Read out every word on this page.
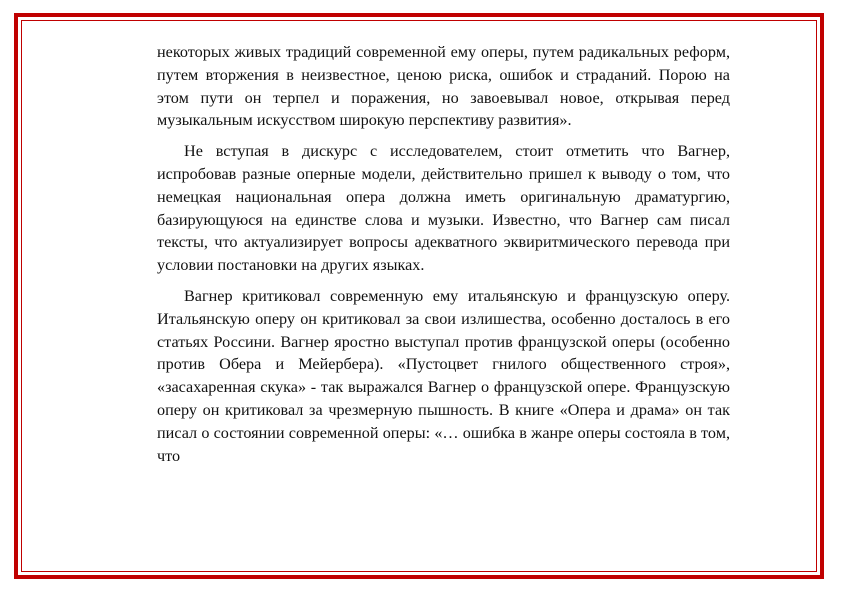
некоторых живых традиций современной ему оперы, путем радикальных реформ, путем вторжения в неизвестное, ценою риска, ошибок и страданий. Порою на этом пути он терпел и поражения, но завоевывал новое, открывая перед музыкальным искусством широкую перспективу развития».

Не вступая в дискурс с исследователем, стоит отметить что Вагнер, испробовав разные оперные модели, действительно пришел к выводу о том, что немецкая национальная опера должна иметь оригинальную драматургию, базирующуюся на единстве слова и музыки. Известно, что Вагнер сам писал тексты, что актуализирует вопросы адекватного эквиритмического перевода при условии постановки на других языках.

Вагнер критиковал современную ему итальянскую и французскую оперу. Итальянскую оперу он критиковал за свои излишества, особенно досталось в его статьях Россини. Вагнер яростно выступал против французской оперы (особенно против Обера и Мейербера). «Пустоцвет гнилого общественного строя», «засахаренная скука» - так выражался Вагнер о французской опере. Французскую оперу он критиковал за чрезмерную пышность. В книге «Опера и драма» он так писал о состоянии современной оперы: «… ошибка в жанре оперы состояла в том, что
